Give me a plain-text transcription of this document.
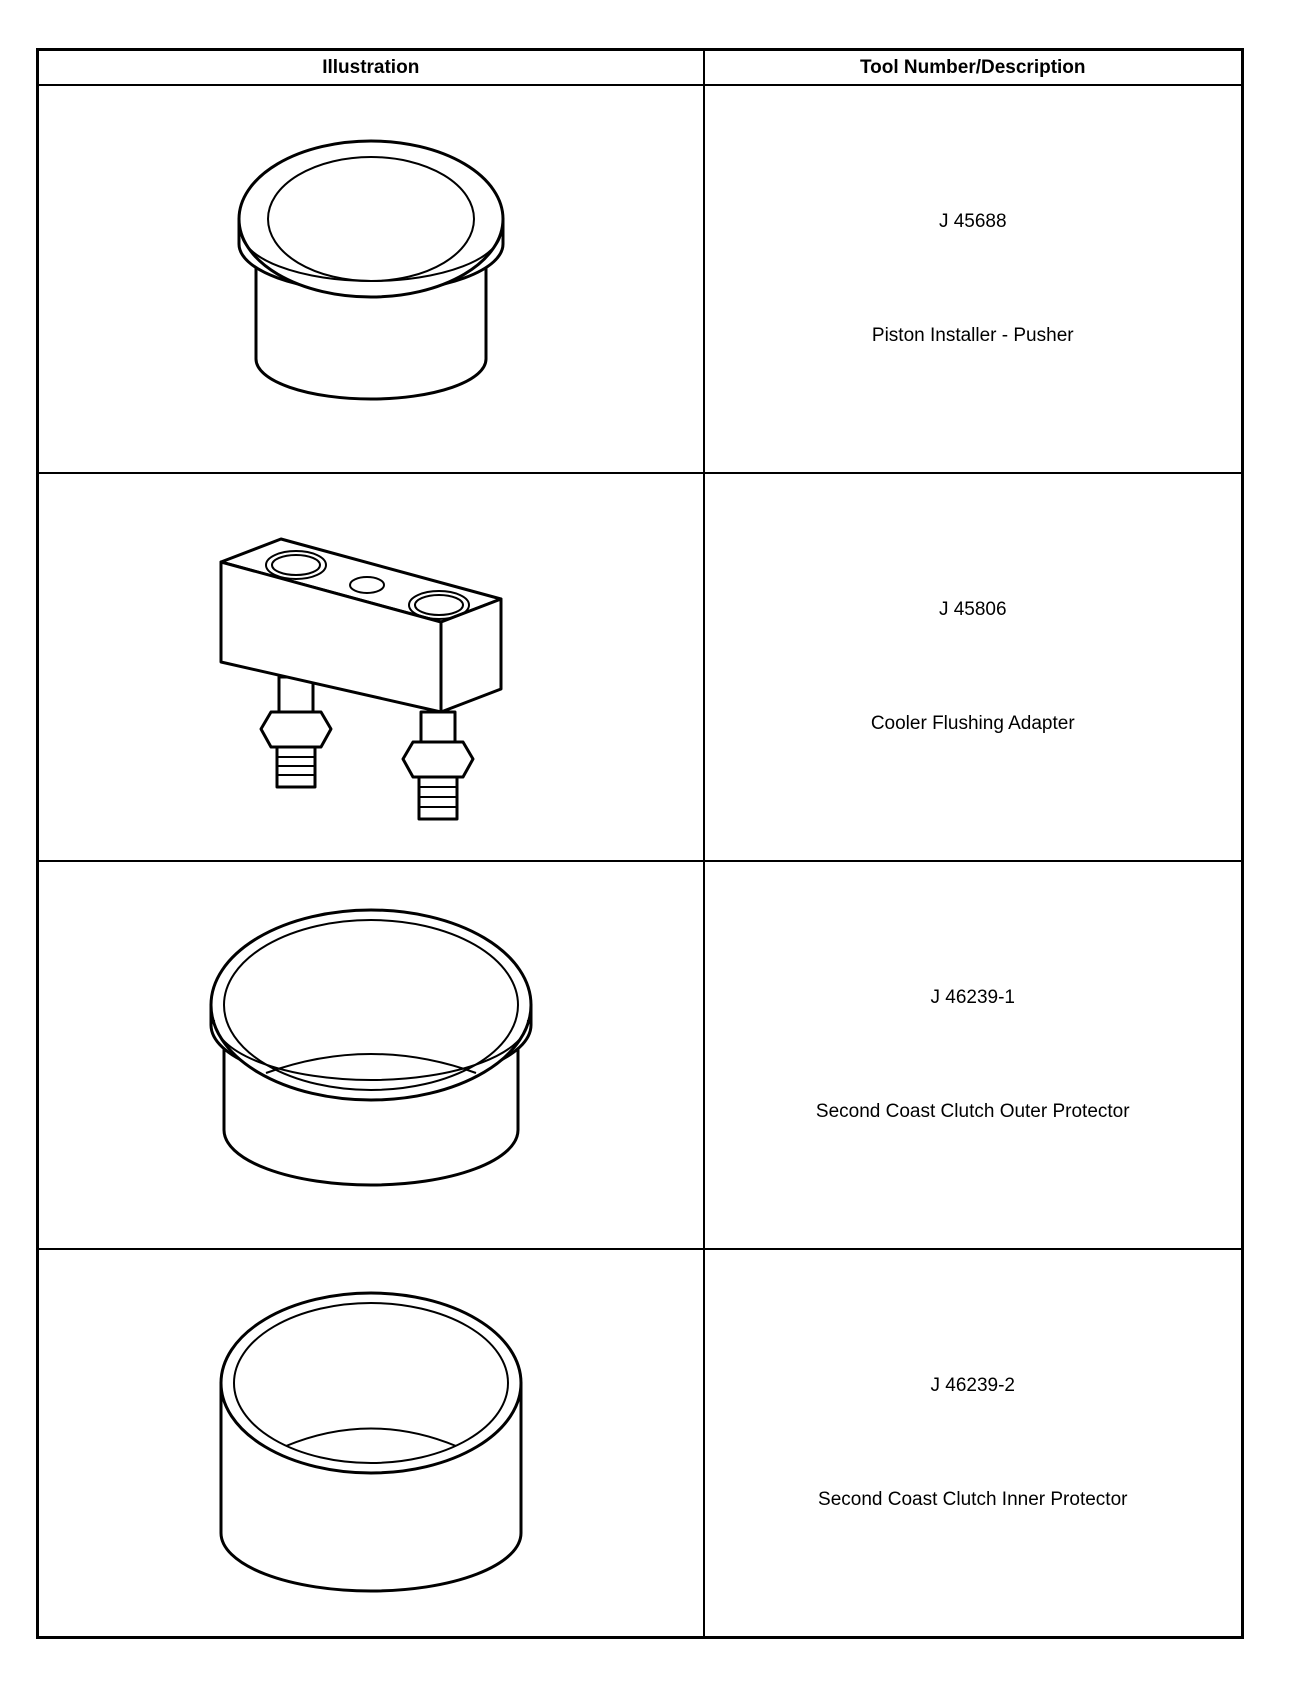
Illustration	Tool Number/Description

J 45688
Piston Installer - Pusher

J 45806
Cooler Flushing Adapter

J 46239-1
Second Coast Clutch Outer Protector

J 46239-2
Second Coast Clutch Inner Protector
